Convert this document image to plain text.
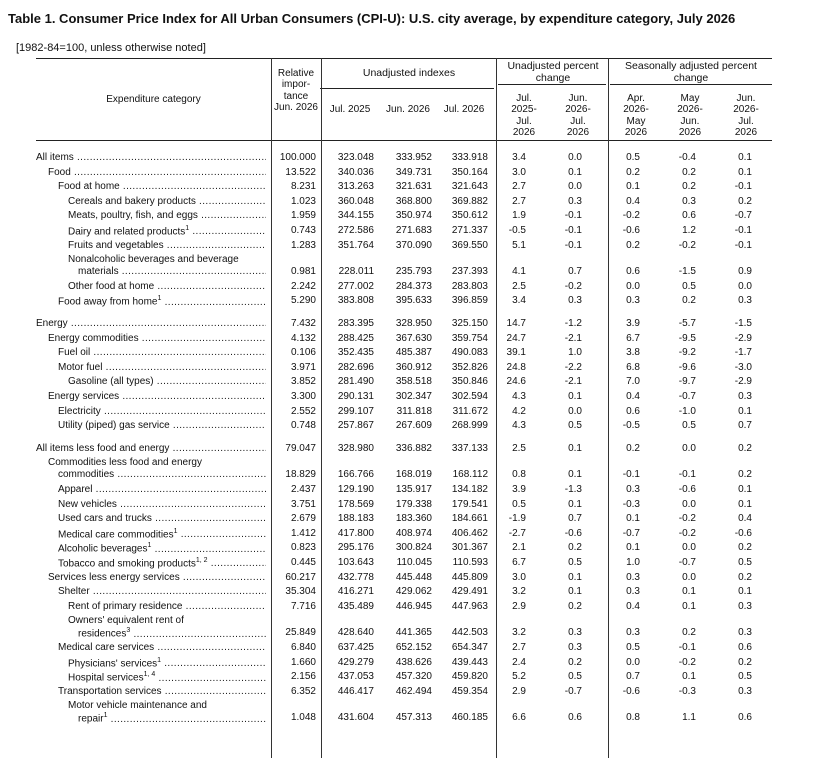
Table 1. Consumer Price Index for All Urban Consumers (CPI-U): U.S. city average, by expenditure category, July 2026
[1982-84=100, unless otherwise noted]
Expenditure category
Relative impor- tance Jun. 2026
Unadjusted indexes
Unadjusted percent change
Seasonally adjusted percent change
Jul. 2025	Jun. 2026	Jul. 2026
Jul. 2025- Jul. 2026
Jun. 2026- Jul. 2026
Apr. 2026- May 2026
May 2026- Jun. 2026
Jun. 2026- Jul. 2026
All items .....	100.000	323.048	333.952	333.918	3.4	0.0	0.5	-0.4	0.1
Food .....	13.522	340.036	349.731	350.164	3.0	0.1	0.2	0.2	0.1
Food at home .....	8.231	313.263	321.631	321.643	2.7	0.0	0.1	0.2	-0.1
Cereals and bakery products .....	1.023	360.048	368.800	369.882	2.7	0.3	0.4	0.3	0.2
Meats, poultry, fish, and eggs .....	1.959	344.155	350.974	350.612	1.9	-0.1	-0.2	0.6	-0.7
Dairy and related products$^1$ .....	0.743	272.586	271.683	271.337	-0.5	-0.1	-0.6	1.2	-0.1
Fruits and vegetables .....	1.283	351.764	370.090	369.550	5.1	-0.1	0.2	-0.2	-0.1
Nonalcoholic beverages and beverage
materials .....	0.981	228.011	235.793	237.393	4.1	0.7	0.6	-1.5	0.9
Other food at home .....	2.242	277.002	284.373	283.803	2.5	-0.2	0.0	0.5	0.0
Food away from home$^1$ .....	5.290	383.808	395.633	396.859	3.4	0.3	0.3	0.2	0.3
Energy .....	7.432	283.395	328.950	325.150	14.7	-1.2	3.9	-5.7	-1.5
Energy commodities .....	4.132	288.425	367.630	359.754	24.7	-2.1	6.7	-9.5	-2.9
Fuel oil .....	0.106	352.435	485.387	490.083	39.1	1.0	3.8	-9.2	-1.7
Motor fuel .....	3.971	282.696	360.912	352.826	24.8	-2.2	6.8	-9.6	-3.0
Gasoline (all types) .....	3.852	281.490	358.518	350.846	24.6	-2.1	7.0	-9.7	-2.9
Energy services .....	3.300	290.131	302.347	302.594	4.3	0.1	0.4	-0.7	0.3
Electricity .....	2.552	299.107	311.818	311.672	4.2	0.0	0.6	-1.0	0.1
Utility (piped) gas service .....	0.748	257.867	267.609	268.999	4.3	0.5	-0.5	0.5	0.7
All items less food and energy .....	79.047	328.980	336.882	337.133	2.5	0.1	0.2	0.0	0.2
Commodities less food and energy
commodities .....	18.829	166.766	168.019	168.112	0.8	0.1	-0.1	-0.1	0.2
Apparel .....	2.437	129.190	135.917	134.182	3.9	-1.3	0.3	-0.6	0.1
New vehicles .....	3.751	178.569	179.338	179.541	0.5	0.1	-0.3	0.0	0.1
Used cars and trucks .....	2.679	188.183	183.360	184.661	-1.9	0.7	0.1	-0.2	0.4
Medical care commodities$^1$ .....	1.412	417.800	408.974	406.462	-2.7	-0.6	-0.7	-0.2	-0.6
Alcoholic beverages$^1$ .....	0.823	295.176	300.824	301.367	2.1	0.2	0.1	0.0	0.2
Tobacco and smoking products$^{1, 2}$ .....	0.445	103.643	110.045	110.593	6.7	0.5	1.0	-0.7	0.5
Services less energy services .....	60.217	432.778	445.448	445.809	3.0	0.1	0.3	0.0	0.2
Shelter .....	35.304	416.271	429.062	429.491	3.2	0.1	0.3	0.1	0.1
Rent of primary residence .....	7.716	435.489	446.945	447.963	2.9	0.2	0.4	0.1	0.3
Owners' equivalent rent of
residences$^3$ .....	25.849	428.640	441.365	442.503	3.2	0.3	0.3	0.2	0.3
Medical care services .....	6.840	637.425	652.152	654.347	2.7	0.3	0.5	-0.1	0.6
Physicians' services$^1$ .....	1.660	429.279	438.626	439.443	2.4	0.2	0.0	-0.2	0.2
Hospital services$^{1, 4}$ .....	2.156	437.053	457.320	459.820	5.2	0.5	0.7	0.1	0.5
Transportation services .....	6.352	446.417	462.494	459.354	2.9	-0.7	-0.6	-0.3	0.3
Motor vehicle maintenance and
repair$^1$ .....	1.048	431.604	457.313	460.185	6.6	0.6	0.8	1.1	0.6
